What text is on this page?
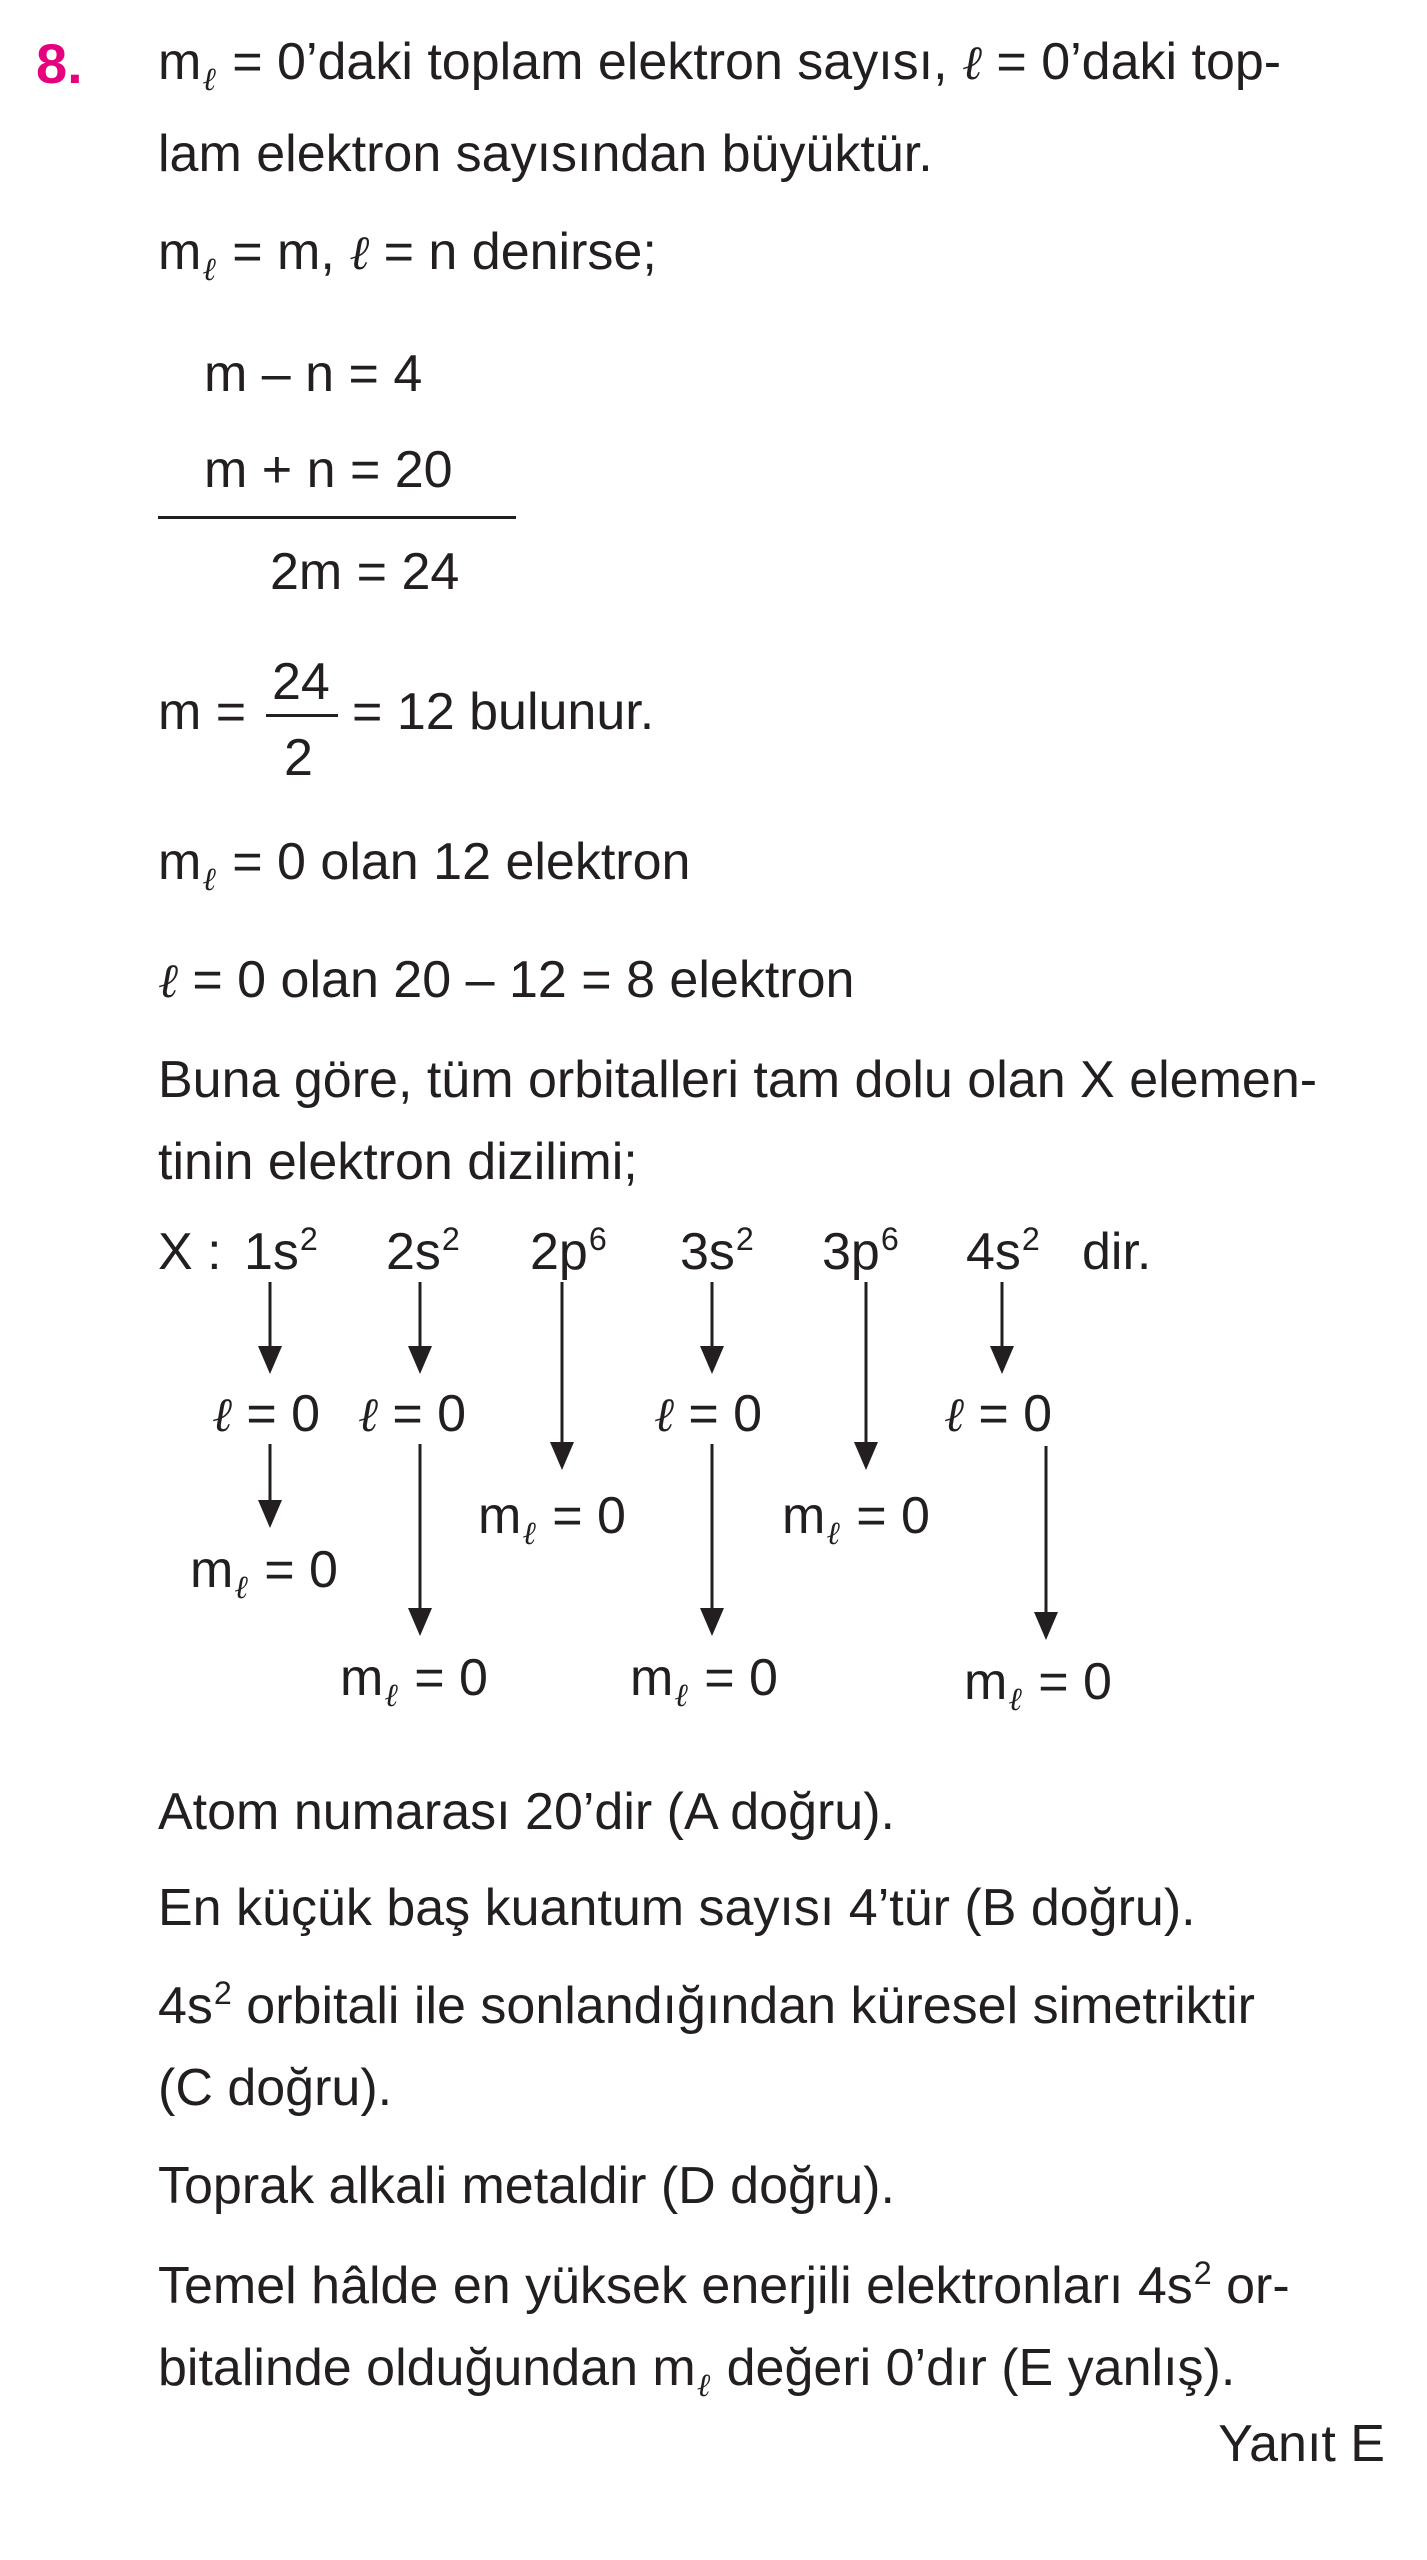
8. $m_\ell$ = 0’daki toplam elektron sayısı, ℓ = 0’daki top-
lam elektron sayısından büyüktür.
$m_\ell = m$, ℓ = n denirse;
m – n = 4
m + n = 20
2m = 24
m =
24
2
= 12 bulunur.
$m_\ell = 0$ olan 12 elektron
ℓ = 0 olan 20 – 12 = 8 elektron
Buna göre, tüm orbitalleri tam dolu olan X elemen-
tinin elektron dizilimi;
X : $1s^2$ $2s^2$ $2p^6$ $3s^2$ $3p^6$ $4s^2$ dir.
ℓ = 0 ℓ = 0	ℓ = 0	ℓ = 0
$m_\ell = 0$
$m_\ell = 0$
$m_\ell = 0$
$m_\ell = 0$
$m_\ell = 0$
$m_\ell = 0$
Atom numarası 20’dir (A doğru).
En küçük baş kuantum sayısı 4’tür (B doğru).
$4s^2$ orbitali ile sonlandığından küresel simetriktir
(C doğru).
Toprak alkali metaldir (D doğru).
Temel hâlde en yüksek enerjili elektronları $4s^2$ or-
bitalinde olduğundan $m_\ell$ değeri 0’dır (E yanlış).
Yanıt E
